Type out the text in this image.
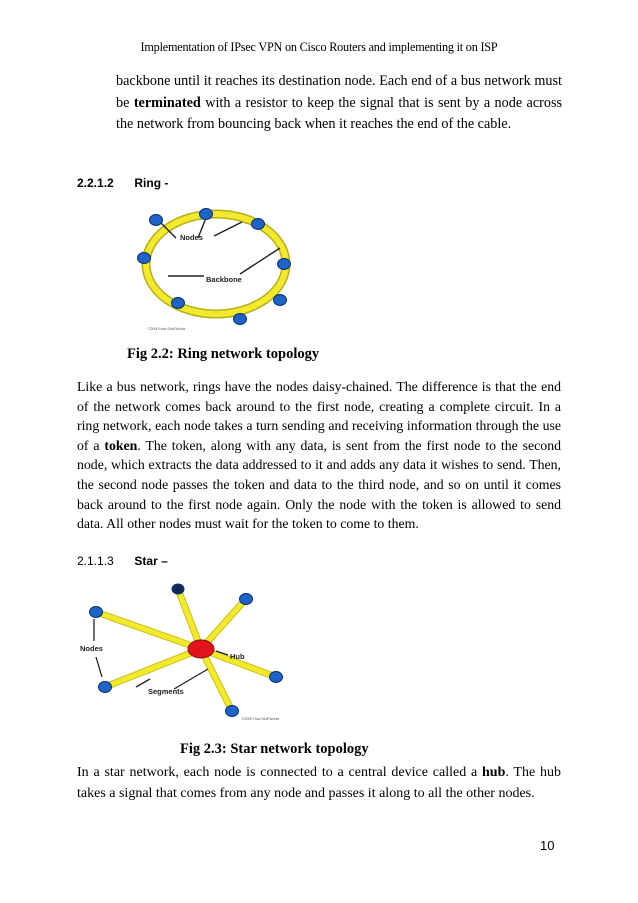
Implementation of IPsec VPN on Cisco Routers and implementing it on ISP
backbone until it reaches its destination node. Each end of a bus network must be terminated with a resistor to keep the signal that is sent by a node across the network from bouncing back when it reaches the end of the cable.
2.2.1.2 Ring -
Nodes
Backbone
©2000 How Stuff Works
Fig 2.2: Ring network topology
Like a bus network, rings have the nodes daisy-chained. The difference is that the end of the network comes back around to the first node, creating a complete circuit. In a ring network, each node takes a turn sending and receiving information through the use of a token. The token, along with any data, is sent from the first node to the second node, which extracts the data addressed to it and adds any data it wishes to send. Then, the second node passes the token and data to the third node, and so on until it comes back around to the first node again. Only the node with the token is allowed to send data. All other nodes must wait for the token to come to them.
2.1.1.3 Star –
Nodes
Hub
Segments
©2000 How Stuff Works
Fig 2.3: Star network topology
In a star network, each node is connected to a central device called a hub. The hub takes a signal that comes from any node and passes it along to all the other nodes.
10
